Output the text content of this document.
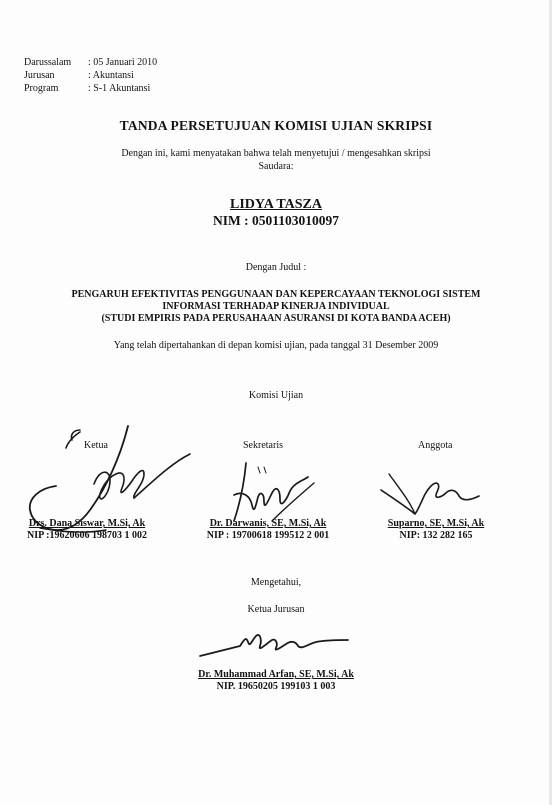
Darussalam	: 05 Januari 2010
Jurusan	: Akuntansi
Program	: S-1 Akuntansi
TANDA PERSETUJUAN KOMISI UJIAN SKRIPSI
Dengan ini, kami menyatakan bahwa telah menyetujui / mengesahkan skripsi
Saudara:
LIDYA TASZA
NIM : 0501103010097
Dengan Judul :
PENGARUH EFEKTIVITAS PENGGUNAAN DAN KEPERCAYAAN TEKNOLOGI SISTEM
INFORMASI TERHADAP KINERJA INDIVIDUAL
(STUDI EMPIRIS PADA PERUSAHAAN ASURANSI DI KOTA BANDA ACEH)
Yang telah dipertahankan di depan komisi ujian, pada tanggal 31 Desember 2009
Komisi Ujian
Ketua
Drs. Dana Siswar, M.Si, Ak
NIP :19620606 198703 1 002
Sekretaris
Dr. Darwanis, SE, M.Si, Ak
NIP : 19700618 199512 2 001
Anggota
Suparno, SE, M.Si, Ak
NIP: 132 282 165
Mengetahui,
Ketua Jurusan
Dr. Muhammad Arfan, SE, M.Si, Ak
NIP. 19650205 199103 1 003
